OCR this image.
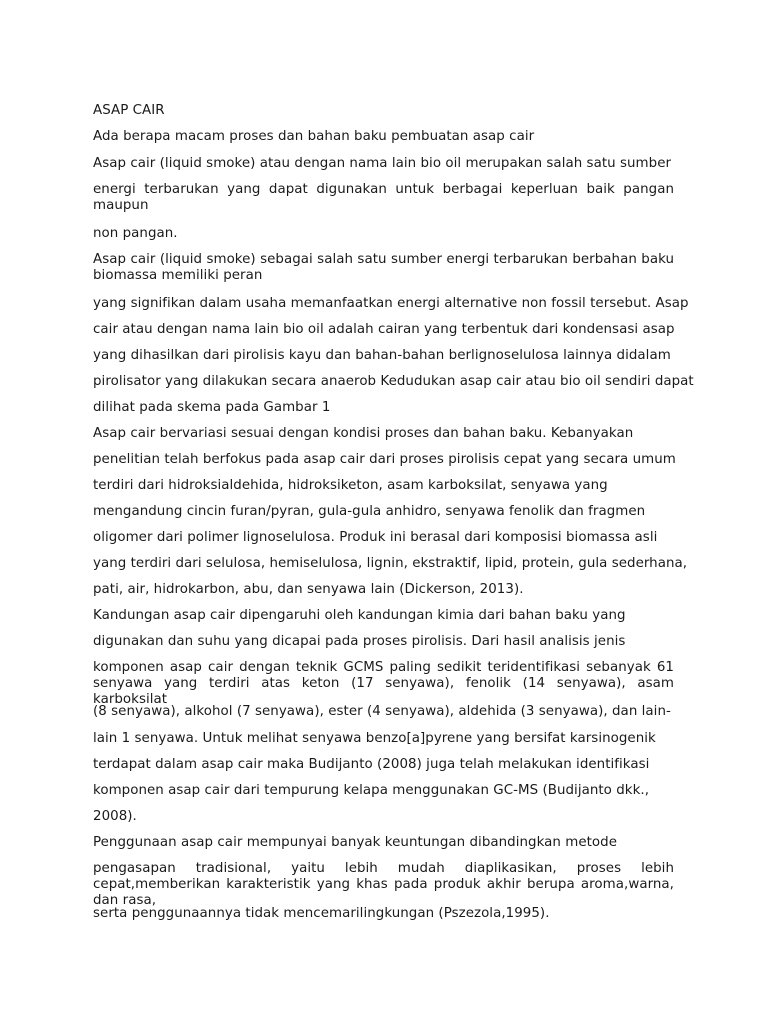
ASAP CAIR
Ada berapa macam proses dan bahan baku pembuatan asap cair
Asap cair (liquid smoke) atau dengan nama lain bio oil merupakan salah satu sumber
energi terbarukan yang dapat digunakan untuk berbagai keperluan baik pangan maupun
non pangan.
Asap cair (liquid smoke) sebagai salah satu sumber energi terbarukan berbahan baku biomassa memiliki peran
yang signifikan dalam usaha memanfaatkan energi alternative non fossil tersebut. Asap
cair atau dengan nama lain bio oil adalah cairan yang terbentuk dari kondensasi asap
yang dihasilkan dari pirolisis kayu dan bahan-bahan berlignoselulosa lainnya didalam
pirolisator yang dilakukan secara anaerob Kedudukan asap cair atau bio oil sendiri dapat
dilihat pada skema pada Gambar 1
Asap cair bervariasi sesuai dengan kondisi proses dan bahan baku. Kebanyakan
penelitian telah berfokus pada asap cair dari proses pirolisis cepat yang secara umum
terdiri dari hidroksialdehida, hidroksiketon, asam karboksilat, senyawa yang
mengandung cincin furan/pyran, gula-gula anhidro, senyawa fenolik dan fragmen
oligomer dari polimer lignoselulosa. Produk ini berasal dari komposisi biomassa asli
yang terdiri dari selulosa, hemiselulosa, lignin, ekstraktif, lipid, protein, gula sederhana,
pati, air, hidrokarbon, abu, dan senyawa lain (Dickerson, 2013).
Kandungan asap cair dipengaruhi oleh kandungan kimia dari bahan baku yang
digunakan dan suhu yang dicapai pada proses pirolisis. Dari hasil analisis jenis
komponen asap cair dengan teknik GCMS paling sedikit teridentifikasi sebanyak 61 senyawa yang terdiri atas keton (17 senyawa), fenolik (14 senyawa), asam karboksilat
(8 senyawa), alkohol (7 senyawa), ester (4 senyawa), aldehida (3 senyawa), dan lain-
lain 1 senyawa. Untuk melihat senyawa benzo[a]pyrene yang bersifat karsinogenik
terdapat dalam asap cair maka Budijanto (2008) juga telah melakukan identifikasi
komponen asap cair dari tempurung kelapa menggunakan GC-MS (Budijanto dkk.,
2008).
Penggunaan asap cair mempunyai banyak keuntungan dibandingkan metode
pengasapan tradisional, yaitu lebih mudah diaplikasikan, proses lebih cepat,memberikan karakteristik yang khas pada produk akhir berupa aroma,warna, dan rasa,
serta penggunaannya tidak mencemarilingkungan (Pszezola,1995).
